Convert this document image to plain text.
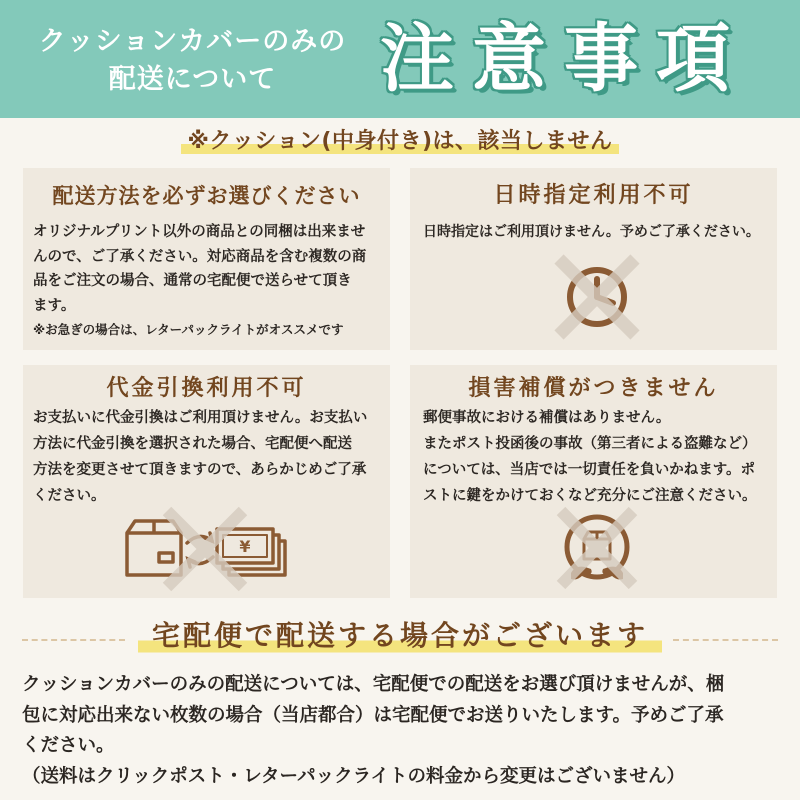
クッションカバーのみの
配送について	注意事項
※クッション(中身付き)は、該当しません
配送方法を必ずお選びください
オリジナルプリント以外の商品との同梱は出来ませ
んので、ご了承ください。対応商品を含む複数の商
品をご注文の場合、通常の宅配便で送らせて頂き
ます。
※お急ぎの場合は、レターパックライトがオススメです
日時指定利用不可
日時指定はご利用頂けません。予めご了承ください。
代金引換利用不可
お支払いに代金引換はご利用頂けません。お支払い
方法に代金引換を選択された場合、宅配便へ配送
方法を変更させて頂きますので、あらかじめご了承
ください。
¥
損害補償がつきません
郵便事故における補償はありません。
またポスト投函後の事故（第三者による盗難など）
については、当店では一切責任を負いかねます。ポ
ストに鍵をかけておくなど充分にご注意ください。
宅配便で配送する場合がございます
クッションカバーのみの配送については、宅配便での配送をお選び頂けませんが、梱
包に対応出来ない枚数の場合（当店都合）は宅配便でお送りいたします。予めご了承
ください。
（送料はクリックポスト・レターパックライトの料金から変更はございません）
